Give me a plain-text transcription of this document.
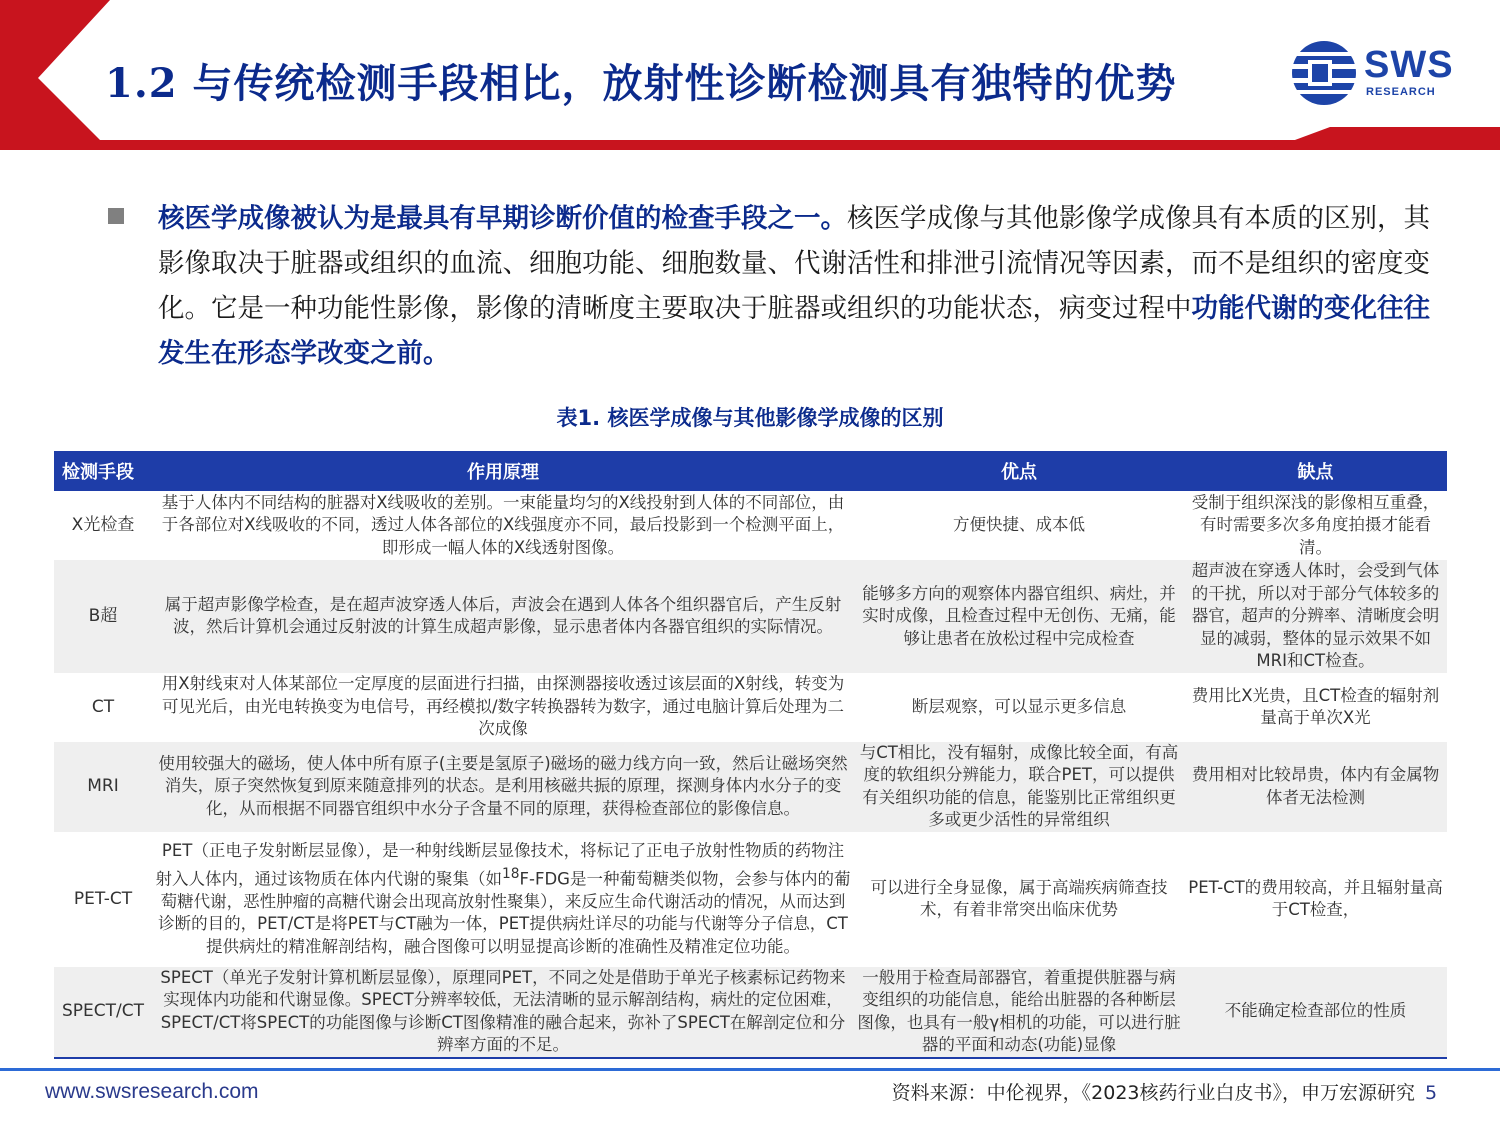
1.2 与传统检测手段相比，放射性诊断检测具有独特的优势	SWS
RESEARCH
核医学成像被认为是最具有早期诊断价值的检查手段之一。核医学成像与其他影像学成像具有本质的区别，其影像取决于脏器或组织的血流、细胞功能、细胞数量、代谢活性和排泄引流情况等因素，而不是组织的密度变化。它是一种功能性影像，影像的清晰度主要取决于脏器或组织的功能状态，病变过程中功能代谢的变化往往发生在形态学改变之前。
表1. 核医学成像与其他影像学成像的区别
检测手段	作用原理	优点	缺点
X光检查	基于人体内不同结构的脏器对X线吸收的差别。一束能量均匀的X线投射到人体的不同部位，由于各部位对X线吸收的不同，透过人体各部位的X线强度亦不同，最后投影到一个检测平面上，即形成一幅人体的X线透射图像。	方便快捷、成本低	受制于组织深浅的影像相互重叠，有时需要多次多角度拍摄才能看清。
B超	属于超声影像学检查，是在超声波穿透人体后，声波会在遇到人体各个组织器官后，产生反射波，然后计算机会通过反射波的计算生成超声影像，显示患者体内各器官组织的实际情况。	能够多方向的观察体内器官组织、病灶，并实时成像，且检查过程中无创伤、无痛，能够让患者在放松过程中完成检查	超声波在穿透人体时，会受到气体的干扰，所以对于部分气体较多的器官，超声的分辨率、清晰度会明显的减弱，整体的显示效果不如MRI和CT检查。
CT	用X射线束对人体某部位一定厚度的层面进行扫描，由探测器接收透过该层面的X射线，转变为可见光后，由光电转换变为电信号，再经模拟/数字转换器转为数字，通过电脑计算后处理为二次成像	断层观察，可以显示更多信息	费用比X光贵，且CT检查的辐射剂量高于单次X光
MRI	使用较强大的磁场，使人体中所有原子(主要是氢原子)磁场的磁力线方向一致，然后让磁场突然消失，原子突然恢复到原来随意排列的状态。是利用核磁共振的原理，探测身体内水分子的变化，从而根据不同器官组织中水分子含量不同的原理，获得检查部位的影像信息。	与CT相比，没有辐射，成像比较全面，有高度的软组织分辨能力，联合PET，可以提供有关组织功能的信息，能鉴别比正常组织更多或更少活性的异常组织	费用相对比较昂贵，体内有金属物体者无法检测
PET-CT	PET（正电子发射断层显像），是一种射线断层显像技术，将标记了正电子放射性物质的药物注射入人体内，通过该物质在体内代谢的聚集（如$^{18}$F-FDG是一种葡萄糖类似物，会参与体内的葡萄糖代谢，恶性肿瘤的高糖代谢会出现高放射性聚集），来反应生命代谢活动的情况，从而达到诊断的目的，PET/CT是将PET与CT融为一体，PET提供病灶详尽的功能与代谢等分子信息，CT提供病灶的精准解剖结构，融合图像可以明显提高诊断的准确性及精准定位功能。	可以进行全身显像，属于高端疾病筛查技术，有着非常突出临床优势	PET-CT的费用较高，并且辐射量高于CT检查，
SPECT/CT	SPECT（单光子发射计算机断层显像），原理同PET，不同之处是借助于单光子核素标记药物来实现体内功能和代谢显像。SPECT分辨率较低，无法清晰的显示解剖结构，病灶的定位困难，SPECT/CT将SPECT的功能图像与诊断CT图像精准的融合起来，弥补了SPECT在解剖定位和分辨率方面的不足。	一般用于检查局部器官，着重提供脏器与病变组织的功能信息，能给出脏器的各种断层图像，也具有一般γ相机的功能，可以进行脏器的平面和动态(功能)显像	不能确定检查部位的性质
www.swsresearch.com	资料来源：中伦视界，《2023核药行业白皮书》，申万宏源研究 5
